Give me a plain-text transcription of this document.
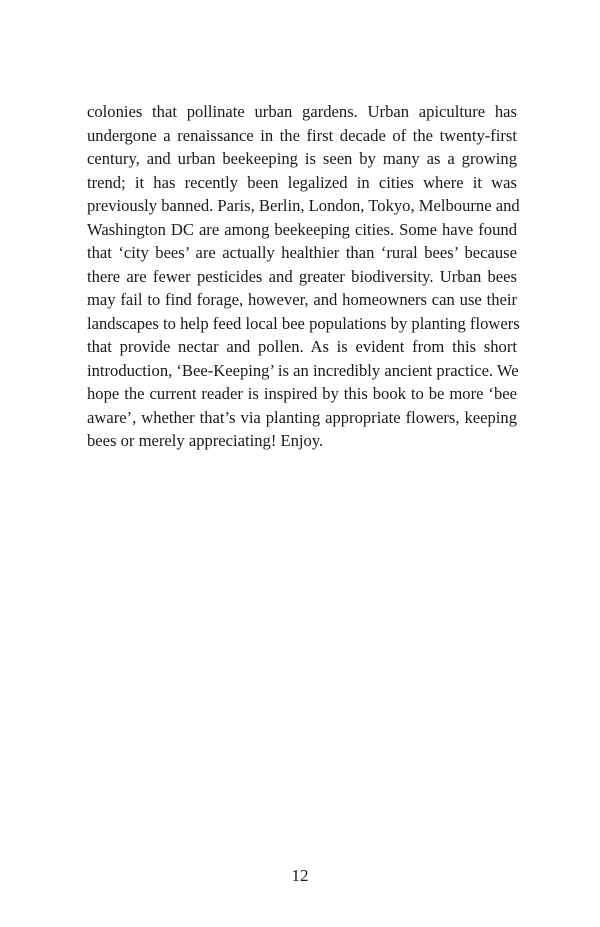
colonies that pollinate urban gardens. Urban apiculture has
undergone a renaissance in the first decade of the twenty-first
century, and urban beekeeping is seen by many as a growing
trend; it has recently been legalized in cities where it was
previously banned. Paris, Berlin, London, Tokyo, Melbourne and
Washington DC are among beekeeping cities. Some have found
that ‘city bees’ are actually healthier than ‘rural bees’ because
there are fewer pesticides and greater biodiversity. Urban bees
may fail to find forage, however, and homeowners can use their
landscapes to help feed local bee populations by planting flowers
that provide nectar and pollen. As is evident from this short
introduction, ‘Bee-Keeping’ is an incredibly ancient practice. We
hope the current reader is inspired by this book to be more ‘bee
aware’, whether that’s via planting appropriate flowers, keeping
bees or merely appreciating! Enjoy.
12
